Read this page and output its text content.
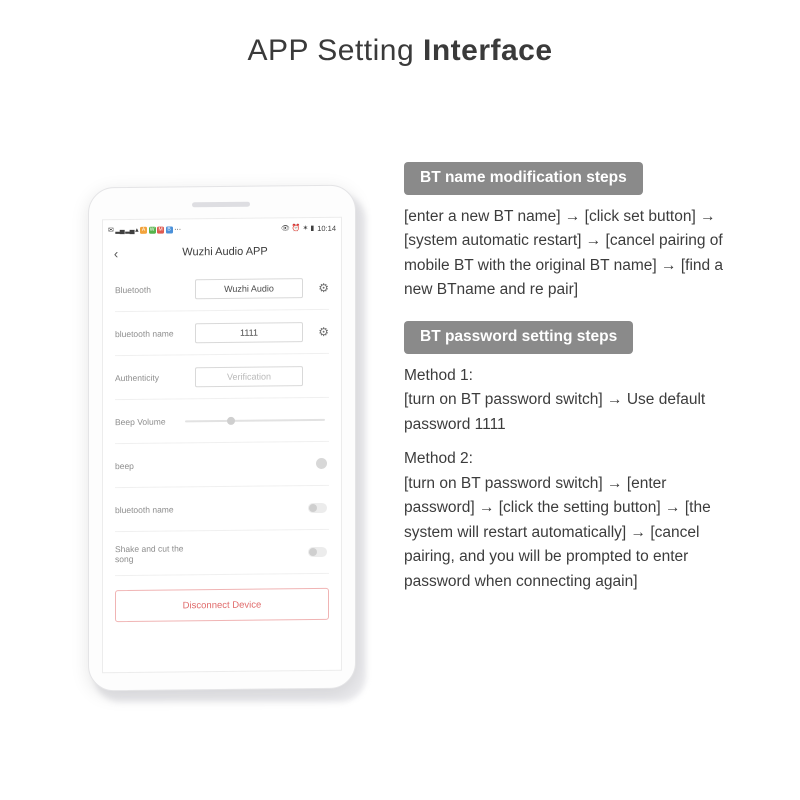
APP Setting Interface
✉ ▂▄ ▂▄ ▴ A W M B ⋯	👁 ⏰ ✶ ▮ 10:14
‹	Wuzhi Audio APP
Bluetooth	Wuzhi Audio	⚙
bluetooth name	1111	⚙
Authenticity	Verification
Beep Volume
beep
bluetooth name
Shake and cut the song
Disconnect Device
BT name modification steps

[enter a new BT name] → [click set button] → [system automatic restart] → [cancel pairing of mobile BT with the original BT name] → [find a new BTname and re pair]

BT password setting steps

Method 1:

[turn on BT password switch] → Use default password 1111

Method 2:

[turn on BT password switch] → [enter password] → [click the setting button] → [the system will restart automatically] → [cancel pairing, and you will be prompted to enter password when connecting again]
